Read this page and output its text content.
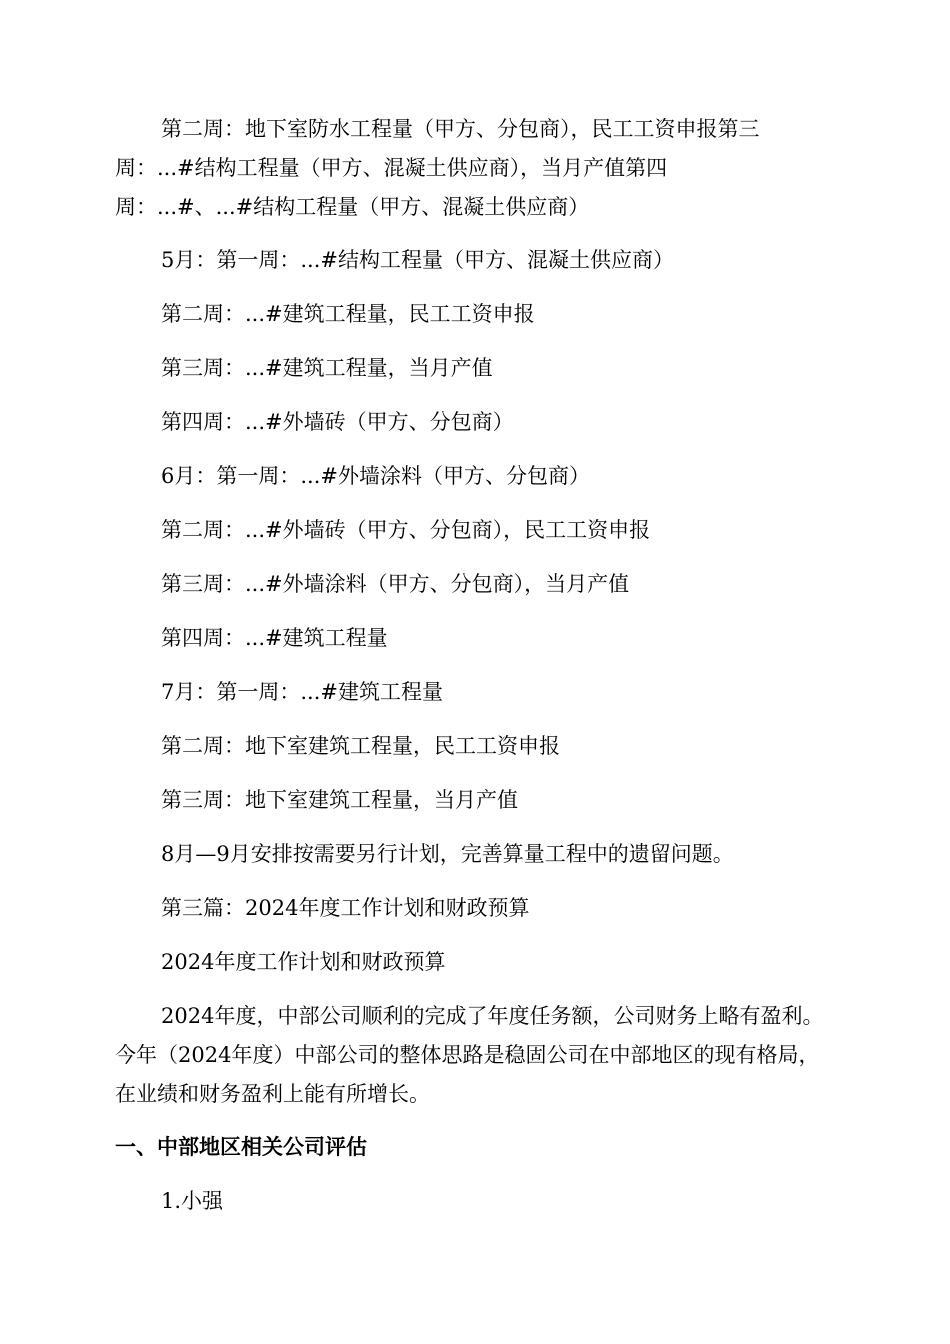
第二周：地下室防水工程量（甲方、分包商），民工工资申报第三

周：...#结构工程量（甲方、混凝土供应商），当月产值第四

周：...#、...#结构工程量（甲方、混凝土供应商）

5月：第一周：...#结构工程量（甲方、混凝土供应商）

第二周：...#建筑工程量，民工工资申报

第三周：...#建筑工程量，当月产值

第四周：...#外墙砖（甲方、分包商）

6月：第一周：...#外墙涂料（甲方、分包商）

第二周：...#外墙砖（甲方、分包商），民工工资申报

第三周：...#外墙涂料（甲方、分包商），当月产值

第四周：...#建筑工程量

7月：第一周：...#建筑工程量

第二周：地下室建筑工程量，民工工资申报

第三周：地下室建筑工程量，当月产值

8月—9月安排按需要另行计划，完善算量工程中的遗留问题。

第三篇：2024年度工作计划和财政预算

2024年度工作计划和财政预算

2024年度，中部公司顺利的完成了年度任务额，公司财务上略有盈利。今年（2024年度）中部公司的整体思路是稳固公司在中部地区的现有格局，在业绩和财务盈利上能有所增长。

一、中部地区相关公司评估

1.小强
